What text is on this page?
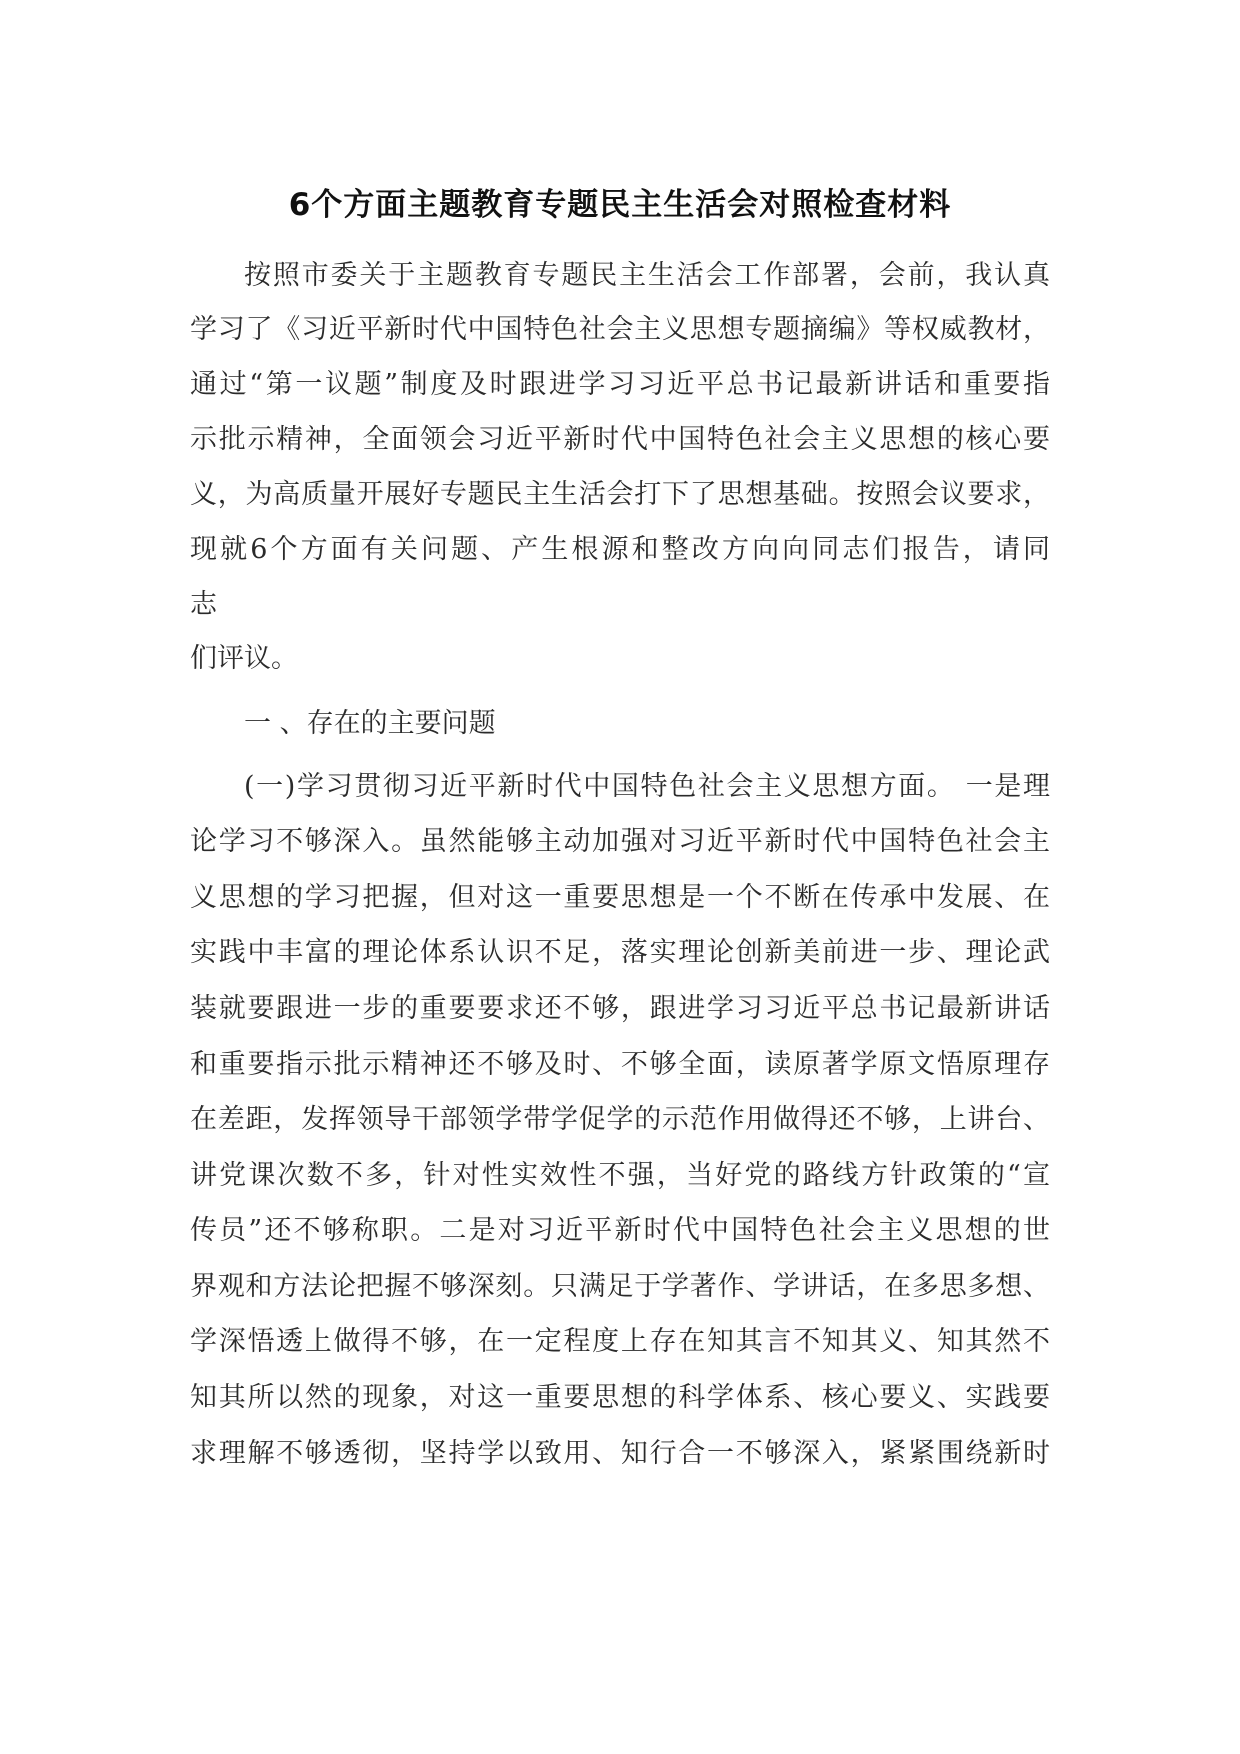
6个方面主题教育专题民主生活会对照检查材料
按照市委关于主题教育专题民主生活会工作部署，会前，我认真
学习了《习近平新时代中国特色社会主义思想专题摘编》等权威教材，
通过“第一议题”制度及时跟进学习习近平总书记最新讲话和重要指
示批示精神，全面领会习近平新时代中国特色社会主义思想的核心要
义，为高质量开展好专题民主生活会打下了思想基础。按照会议要求，
现就6个方面有关问题、产生根源和整改方向向同志们报告，请同
志
们评议。
一 、存在的主要问题
(一)学习贯彻习近平新时代中国特色社会主义思想方面。 一是理
论学习不够深入。虽然能够主动加强对习近平新时代中国特色社会主
义思想的学习把握，但对这一重要思想是一个不断在传承中发展、在
实践中丰富的理论体系认识不足，落实理论创新美前进一步、理论武
装就要跟进一步的重要要求还不够，跟进学习习近平总书记最新讲话
和重要指示批示精神还不够及时、不够全面，读原著学原文悟原理存
在差距，发挥领导干部领学带学促学的示范作用做得还不够，上讲台、
讲党课次数不多，针对性实效性不强，当好党的路线方针政策的“宣
传员”还不够称职。二是对习近平新时代中国特色社会主义思想的世
界观和方法论把握不够深刻。只满足于学著作、学讲话，在多思多想、
学深悟透上做得不够，在一定程度上存在知其言不知其义、知其然不
知其所以然的现象，对这一重要思想的科学体系、核心要义、实践要
求理解不够透彻，坚持学以致用、知行合一不够深入，紧紧围绕新时
